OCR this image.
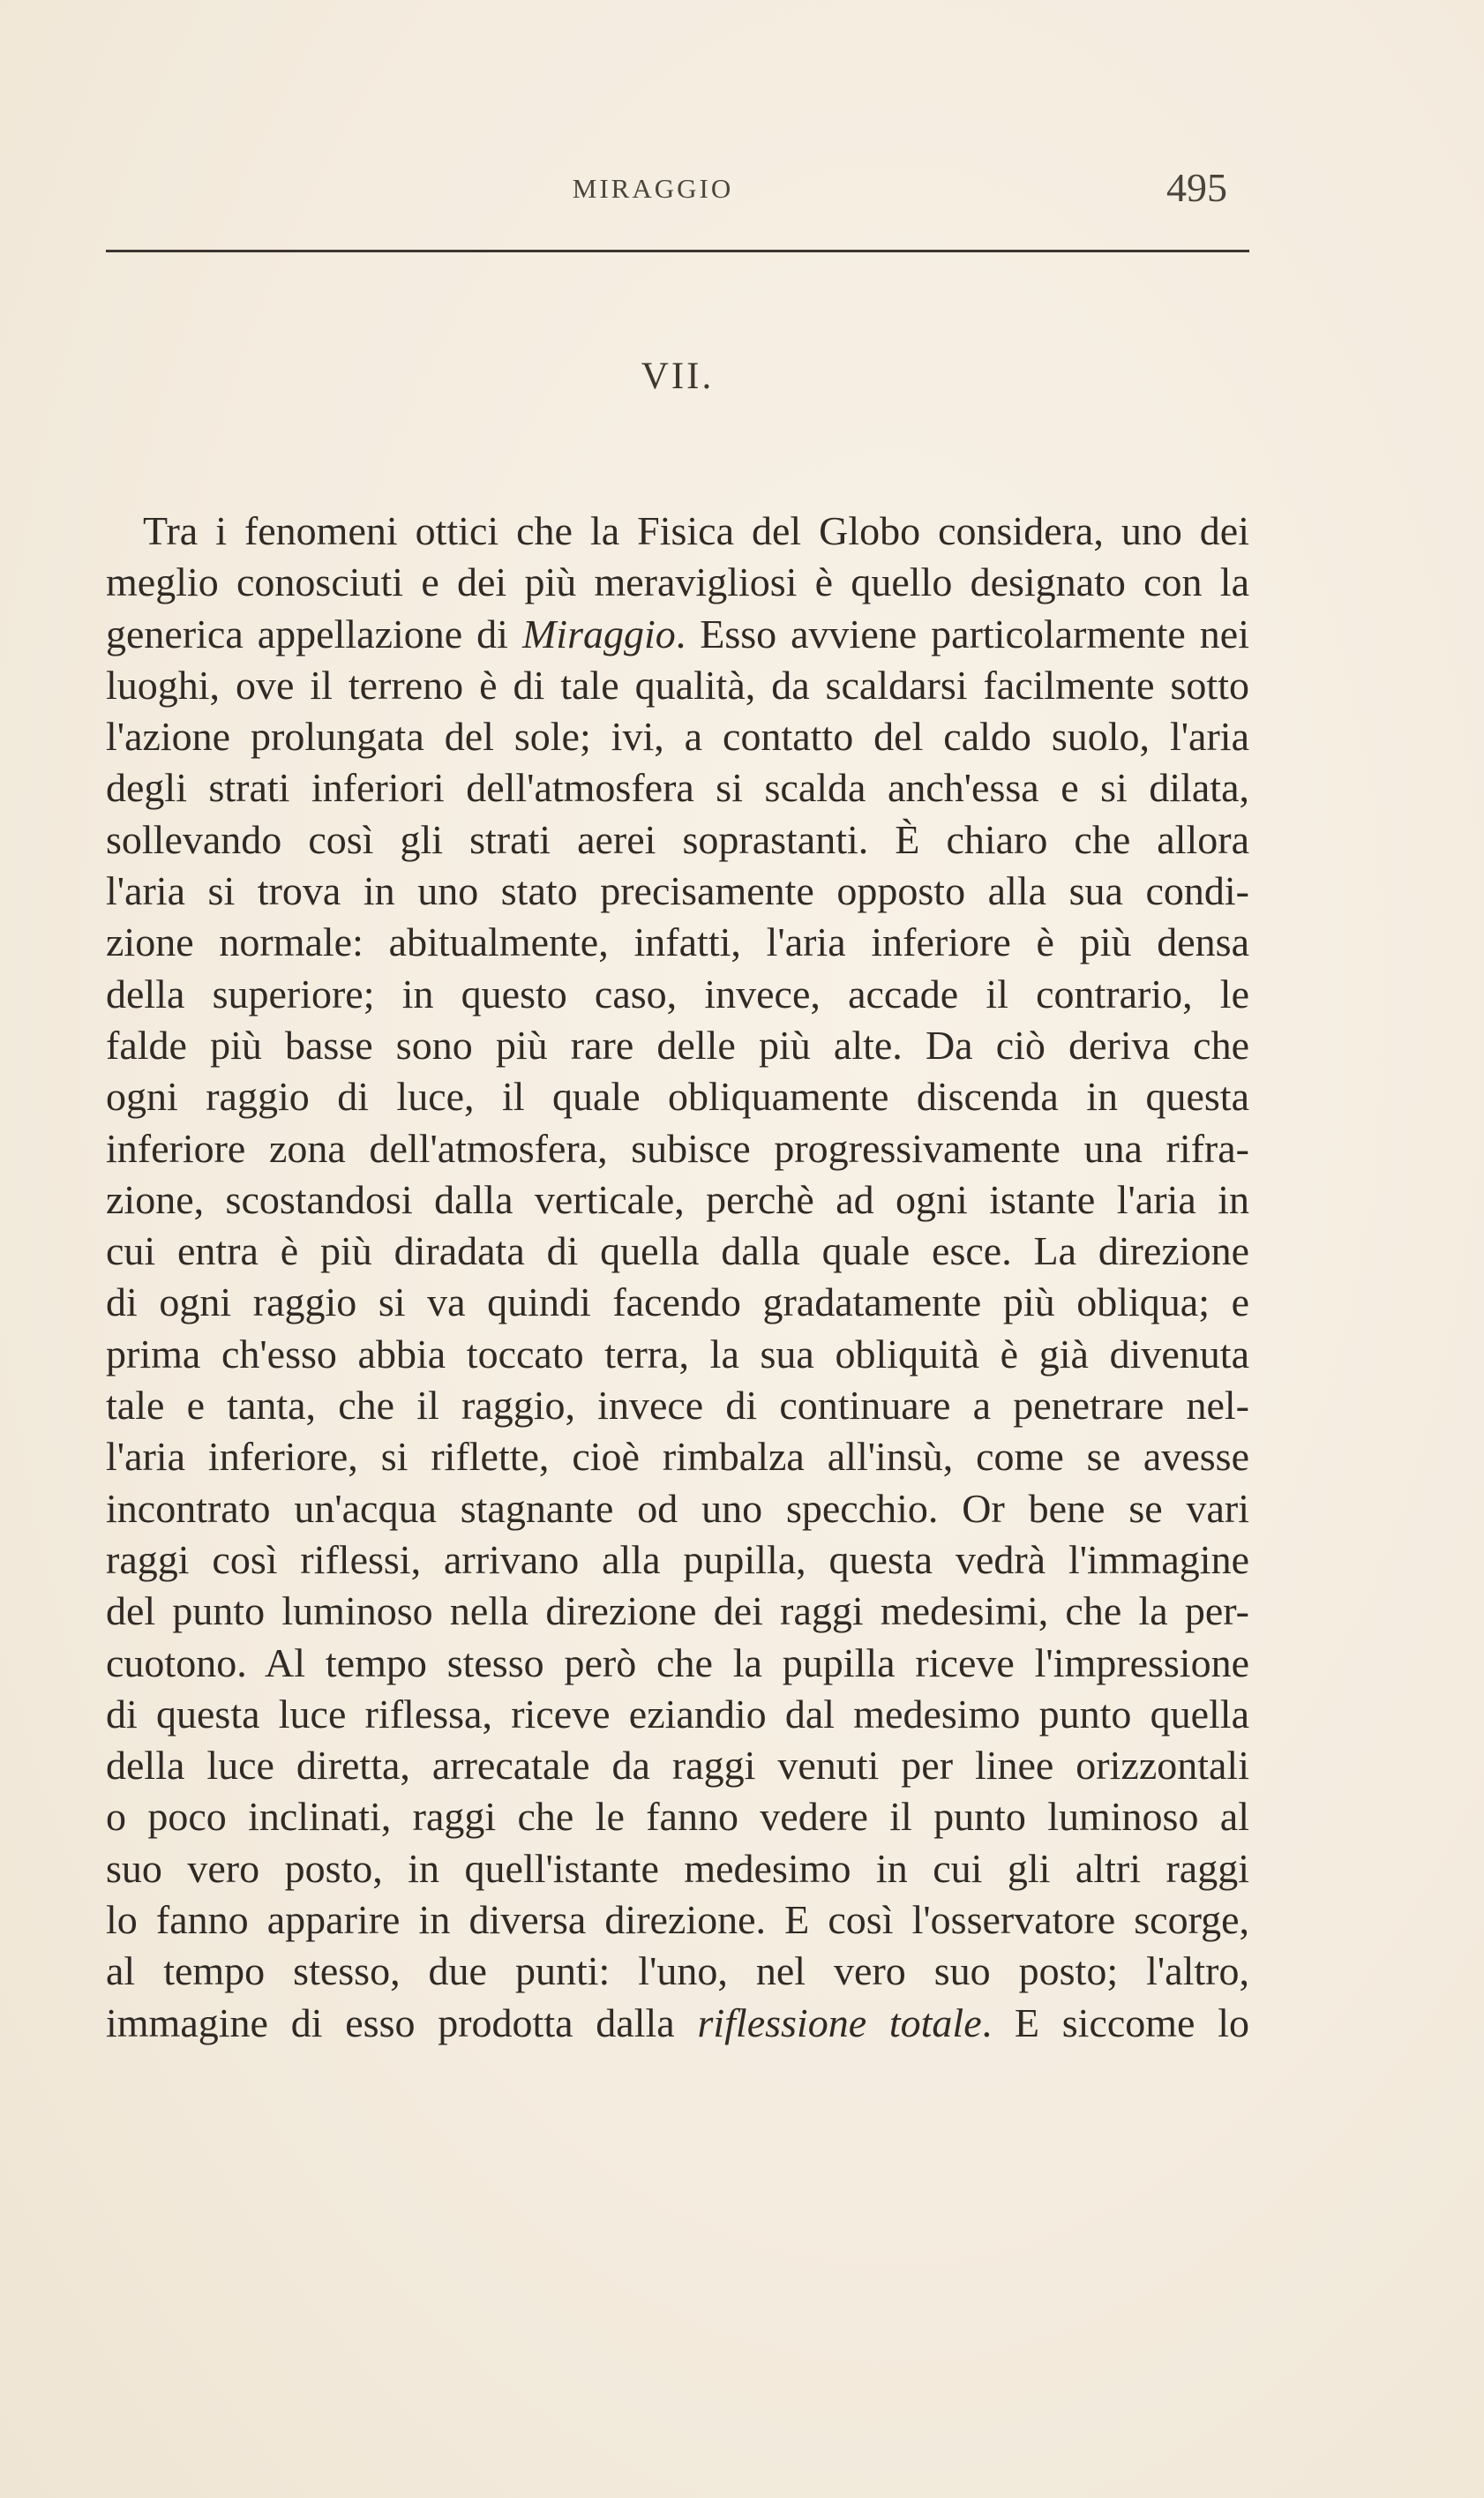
MIRAGGIO	495
VII.
Tra i fenomeni ottici che la Fisica del Globo considera, uno dei
meglio conosciuti e dei più meravigliosi è quello designato con la
generica appellazione di Miraggio. Esso avviene particolarmente nei
luoghi, ove il terreno è di tale qualità, da scaldarsi facilmente sotto
l'azione prolungata del sole; ivi, a contatto del caldo suolo, l'aria
degli strati inferiori dell'atmosfera si scalda anch'essa e si dilata,
sollevando così gli strati aerei soprastanti. È chiaro che allora
l'aria si trova in uno stato precisamente opposto alla sua condi-
zione normale: abitualmente, infatti, l'aria inferiore è più densa
della superiore; in questo caso, invece, accade il contrario, le
falde più basse sono più rare delle più alte. Da ciò deriva che
ogni raggio di luce, il quale obliquamente discenda in questa
inferiore zona dell'atmosfera, subisce progressivamente una rifra-
zione, scostandosi dalla verticale, perchè ad ogni istante l'aria in
cui entra è più diradata di quella dalla quale esce. La direzione
di ogni raggio si va quindi facendo gradatamente più obliqua; e
prima ch'esso abbia toccato terra, la sua obliquità è già divenuta
tale e tanta, che il raggio, invece di continuare a penetrare nel-
l'aria inferiore, si riflette, cioè rimbalza all'insù, come se avesse
incontrato un'acqua stagnante od uno specchio. Or bene se vari
raggi così riflessi, arrivano alla pupilla, questa vedrà l'immagine
del punto luminoso nella direzione dei raggi medesimi, che la per-
cuotono. Al tempo stesso però che la pupilla riceve l'impressione
di questa luce riflessa, riceve eziandio dal medesimo punto quella
della luce diretta, arrecatale da raggi venuti per linee orizzontali
o poco inclinati, raggi che le fanno vedere il punto luminoso al
suo vero posto, in quell'istante medesimo in cui gli altri raggi
lo fanno apparire in diversa direzione. E così l'osservatore scorge,
al tempo stesso, due punti: l'uno, nel vero suo posto; l'altro,
immagine di esso prodotta dalla riflessione totale. E siccome lo
